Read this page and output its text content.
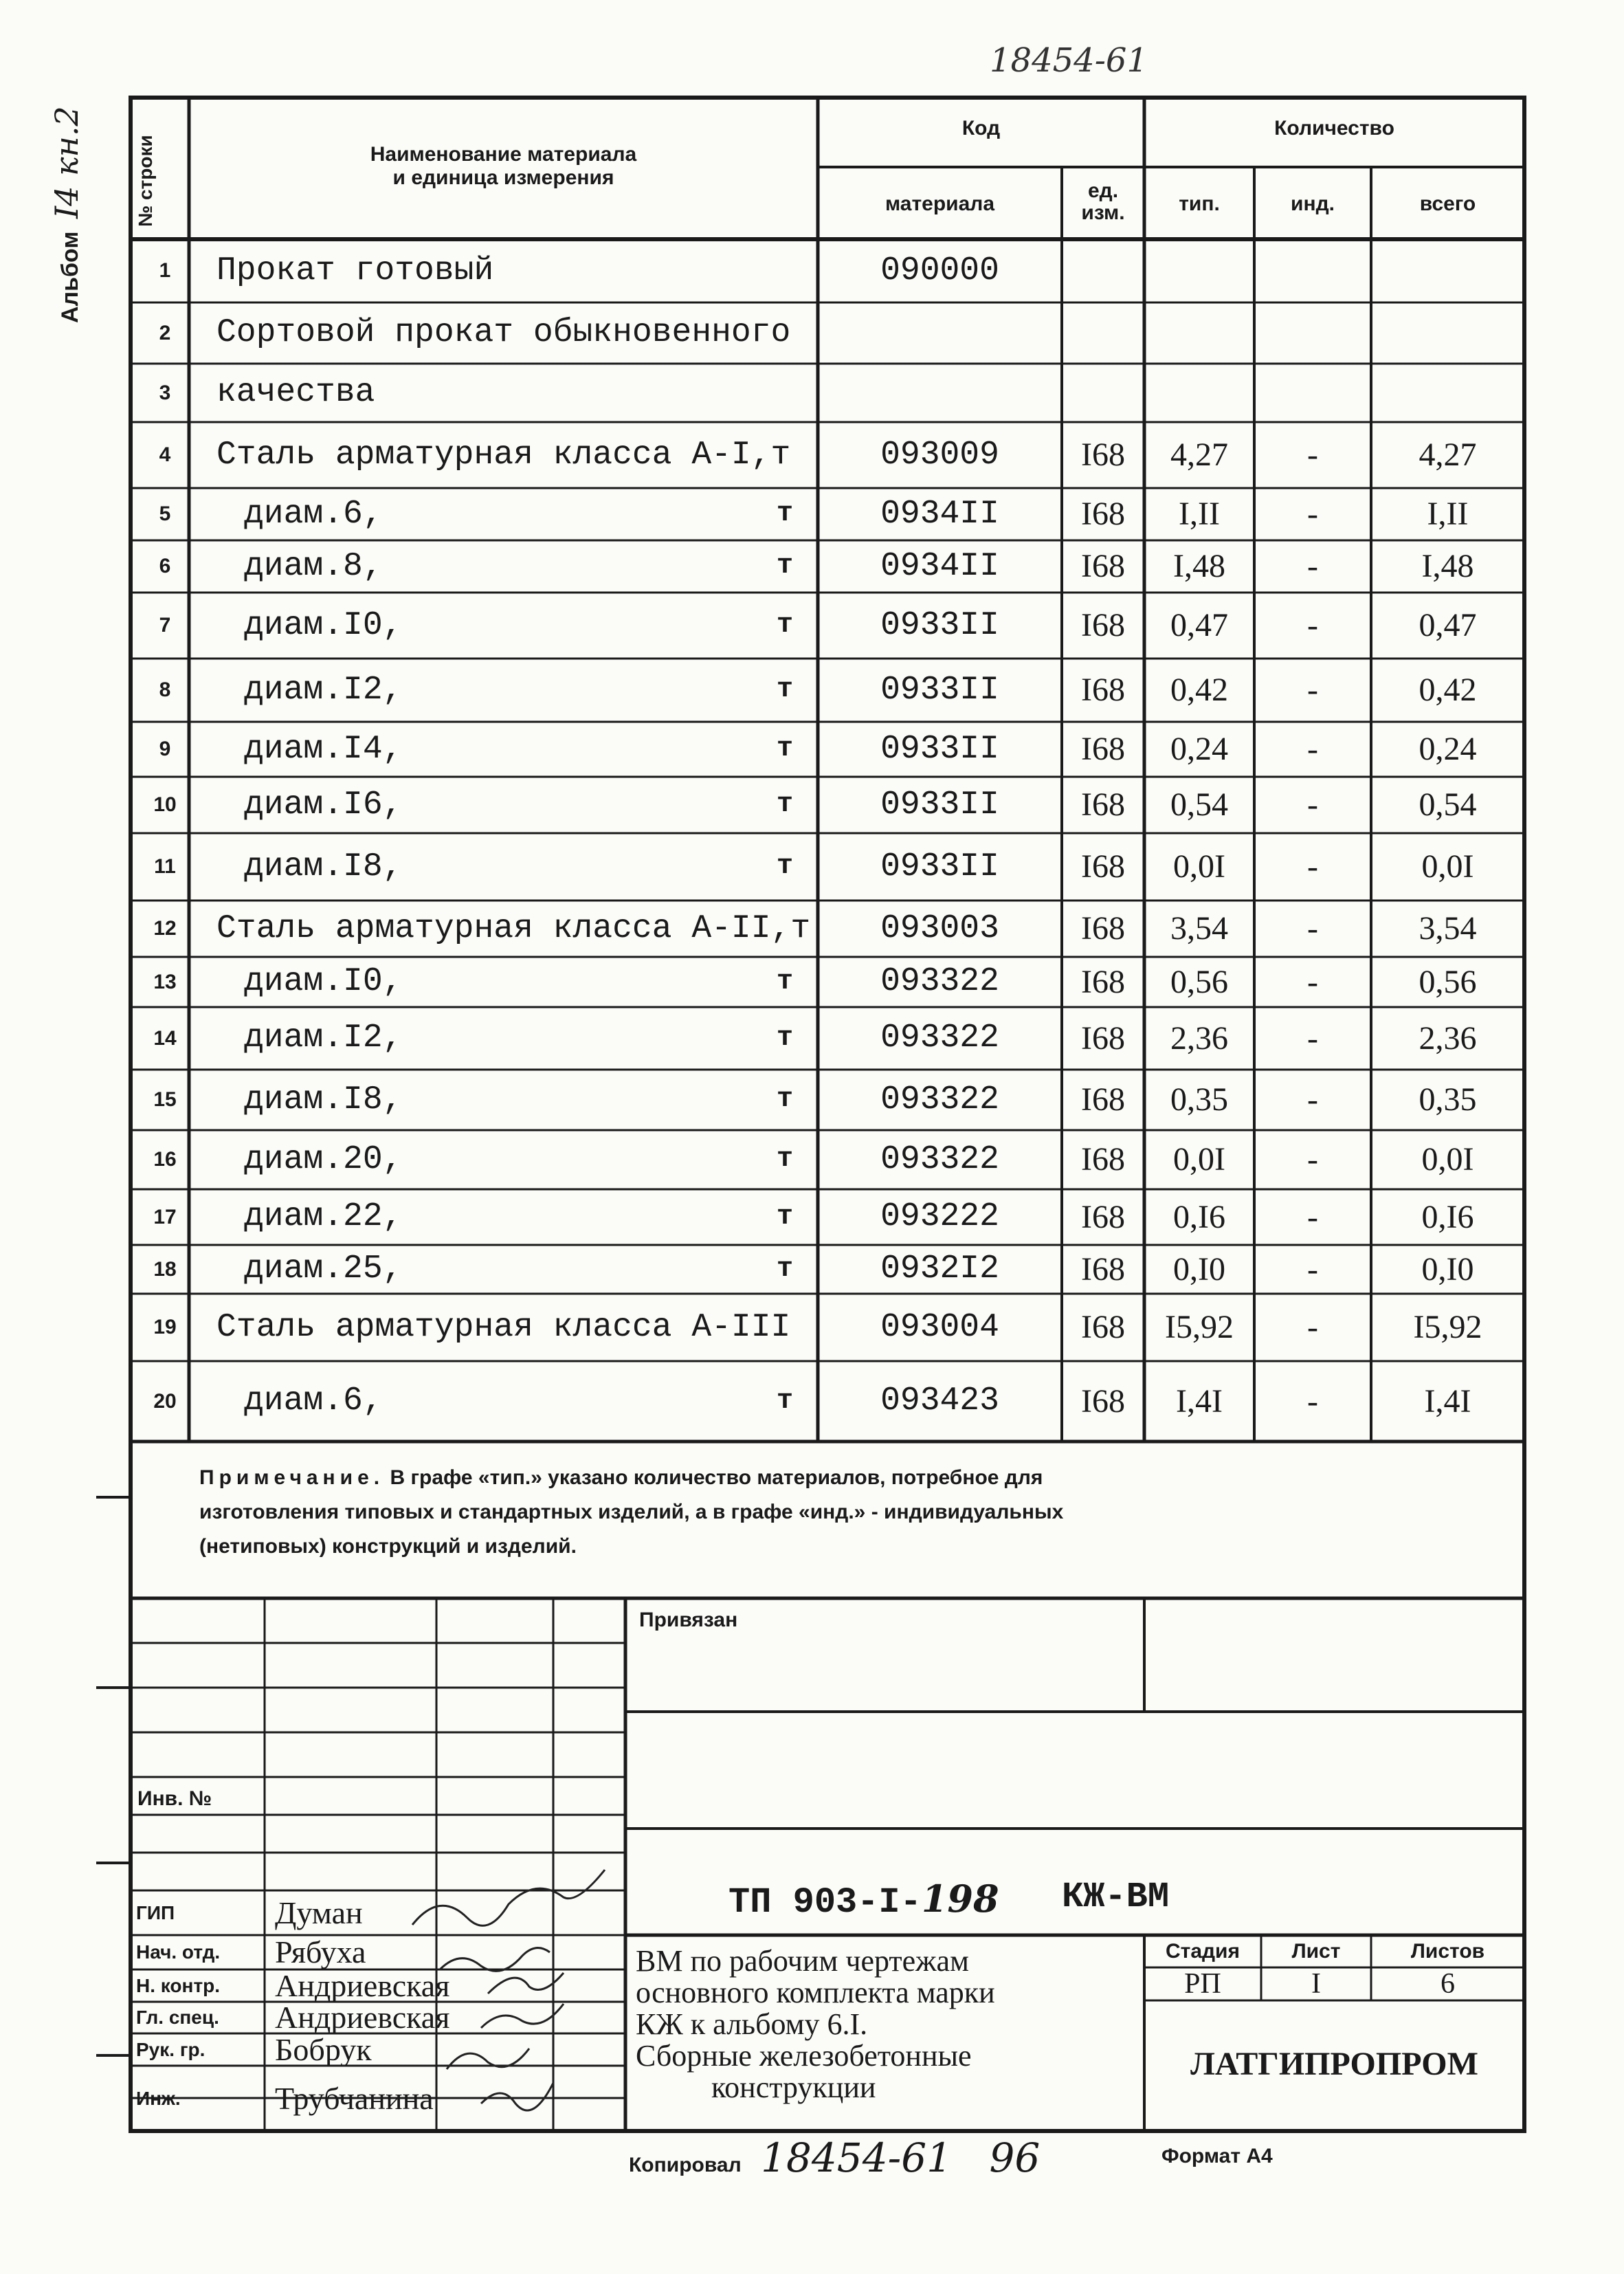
18454-61
Альбом I4 кн.2	№ строки	Наименование материала
и единица измерения
Код	Количество
материала
ед.
изм.	тип.	инд.	всего
1	Прокат готовый	090000
2	Сортовой прокат обыкновенного
3	качества
4	Сталь арматурная класса А-I,т	093009	I68	4,27	-	4,27
5	диам.6,	т	0934II	I68	I,II	-	I,II
6	диам.8,	т	0934II	I68	I,48	-	I,48
7	диам.I0,	т	0933II	I68	0,47	-	0,47
8	диам.I2,	т	0933II	I68	0,42	-	0,42
9	диам.I4,	т	0933II	I68	0,24	-	0,24
10 диам.I6,	т	0933II	I68	0,54	-	0,54
11 диам.I8,	т	0933II	I68	0,0I	-	0,0I
12 Сталь арматурная класса А-II,т	093003	I68	3,54	-	3,54
13 диам.I0,	т	093322	I68	0,56	-	0,56
14 диам.I2,	т	093322	I68	2,36	-	2,36
15 диам.I8,	т	093322	I68	0,35	-	0,35
16 диам.20,	т	093322	I68	0,0I	-	0,0I
17 диам.22,	т	093222	I68	0,I6	-	0,I6
18 диам.25,	т	0932I2	I68	0,I0	-	0,I0
19 Сталь арматурная класса А-III	093004	I68	I5,92	-	I5,92
20 диам.6,	т	093423	I68	I,4I	-	I,4I
Примечание. В графе «тип.» указано количество материалов, потребное для
изготовления типовых и стандартных изделий, а в графе «инд.» - индивидуальных
(нетиповых) конструкций и изделий.
Привязан
Инв. №
ТП 903-I-198 КЖ-ВМ
ГИП	Думан
Нач. отд. Рябуха
Н. контр. Андриевская
Гл. спец. Андриевская
Рук. гр. Бобрук
Инж.	Трубчанина
ВМ по рабочим чертежам
основного комплекта марки
КЖ к альбому 6.I.
Сборные железобетонные
конструкции
Стадия	Лист	Листов
РП	I	6
ЛАТГИПРОПРОМ
Копировал 18454-61 96	Формат А4
